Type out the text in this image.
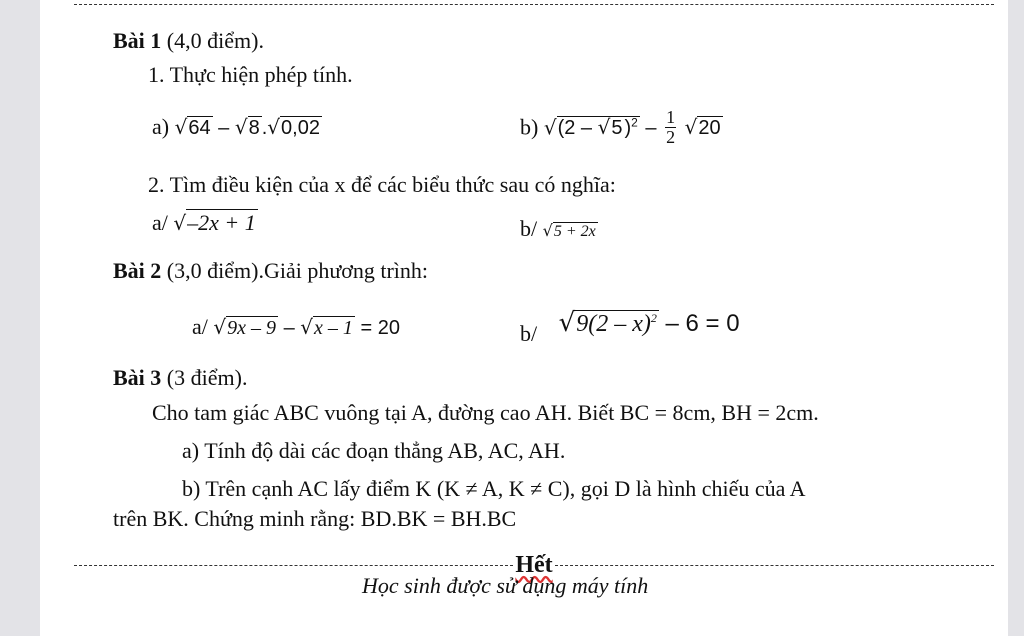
Bài 1 (4,0 điểm).
1. Thực hiện phép tính.
a) √64 – √8 .√0,02	b) √(2 – √5 )$^2 - \frac{1}{2} √20$
2. Tìm điều kiện của x để các biểu thức sau có nghĩa:
a/ √–2x + 1	b/ √5 + 2x
Bài 2 (3,0 điểm).Giải phương trình:
a/ √9x – 9 – √x – 1 = 20	b/ √9(2 – x)$^2$ – 6 = 0
Bài 3 (3 điểm).
Cho tam giác ABC vuông tại A, đường cao AH. Biết BC = 8cm, BH = 2cm.
a) Tính độ dài các đoạn thẳng AB, AC, AH.
b) Trên cạnh AC lấy điểm K (K ≠ A, K ≠ C), gọi D là hình chiếu của A
trên BK. Chứng minh rằng: BD.BK = BH.BC
Hết
Học sinh được sử dụng máy tính
